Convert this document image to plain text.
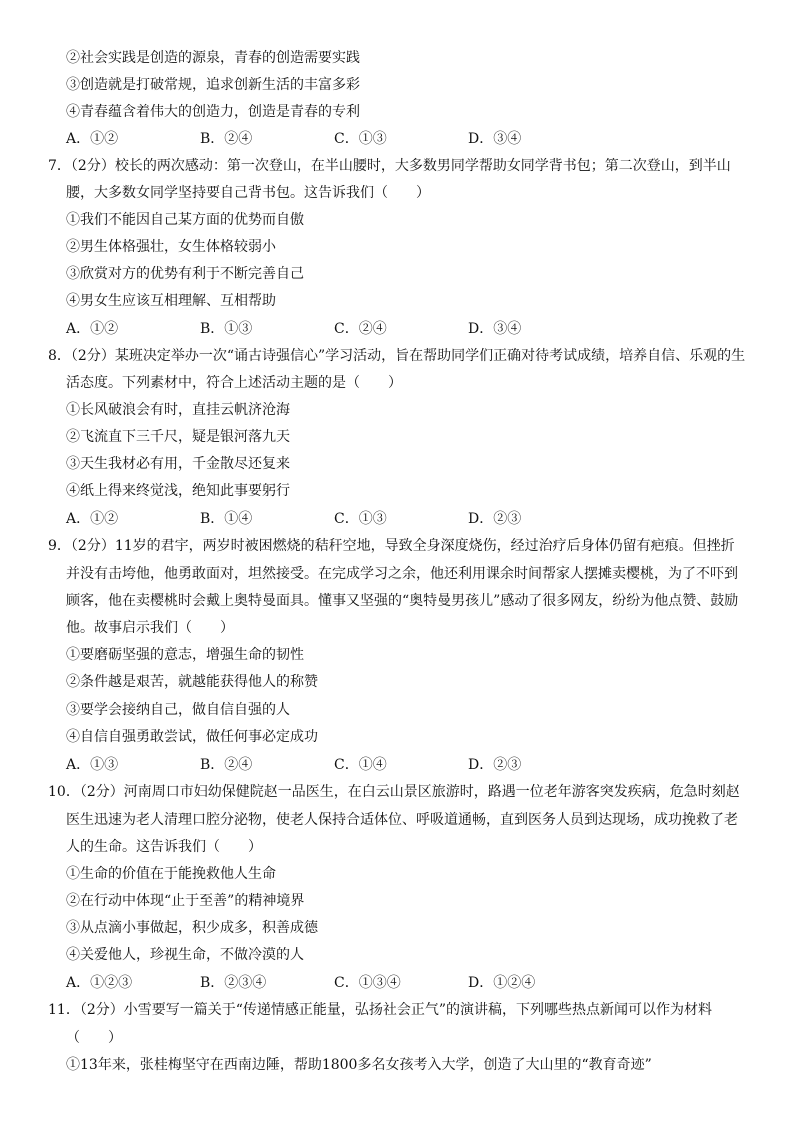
②社会实践是创造的源泉，青春的创造需要实践
③创造就是打破常规，追求创新生活的丰富多彩
④青春蕴含着伟大的创造力，创造是青春的专利
A．①②	B．②④	C．①③	D．③④
7．（2分）校长的两次感动：第一次登山，在半山腰时，大多数男同学帮助女同学背书包；第二次登山，到半山
腰，大多数女同学坚持要自己背书包。这告诉我们（　　）
①我们不能因自己某方面的优势而自傲
②男生体格强壮，女生体格较弱小
③欣赏对方的优势有利于不断完善自己
④男女生应该互相理解、互相帮助
A．①②	B．①③	C．②④	D．③④
8．（2分）某班决定举办一次“诵古诗强信心”学习活动，旨在帮助同学们正确对待考试成绩，培养自信、乐观的生
活态度。下列素材中，符合上述活动主题的是（　　）
①长风破浪会有时，直挂云帆济沧海
②飞流直下三千尺，疑是银河落九天
③天生我材必有用，千金散尽还复来
④纸上得来终觉浅，绝知此事要躬行
A．①②	B．①④	C．①③	D．②③
9．（2分）11岁的君宇，两岁时被困燃烧的秸秆空地，导致全身深度烧伤，经过治疗后身体仍留有疤痕。但挫折
并没有击垮他，他勇敢面对，坦然接受。在完成学习之余，他还利用课余时间帮家人摆摊卖樱桃，为了不吓到
顾客，他在卖樱桃时会戴上奥特曼面具。懂事又坚强的“奥特曼男孩儿”感动了很多网友，纷纷为他点赞、鼓励
他。故事启示我们（　　）
①要磨砺坚强的意志，增强生命的韧性
②条件越是艰苦，就越能获得他人的称赞
③要学会接纳自己，做自信自强的人
④自信自强勇敢尝试，做任何事必定成功
A．①③	B．②④	C．①④	D．②③
10．（2分）河南周口市妇幼保健院赵一品医生，在白云山景区旅游时，路遇一位老年游客突发疾病，危急时刻赵
医生迅速为老人清理口腔分泌物，使老人保持合适体位、呼吸道通畅，直到医务人员到达现场，成功挽救了老
人的生命。这告诉我们（　　）
①生命的价值在于能挽救他人生命
②在行动中体现“止于至善”的精神境界
③从点滴小事做起，积少成多，积善成德
④关爱他人，珍视生命，不做冷漠的人
A．①②③	B．②③④	C．①③④	D．①②④
11．（2分）小雪要写一篇关于“传递情感正能量，弘扬社会正气”的演讲稿，下列哪些热点新闻可以作为材料
（　　）
①13年来，张桂梅坚守在西南边陲，帮助1800多名女孩考入大学，创造了大山里的“教育奇迹”
